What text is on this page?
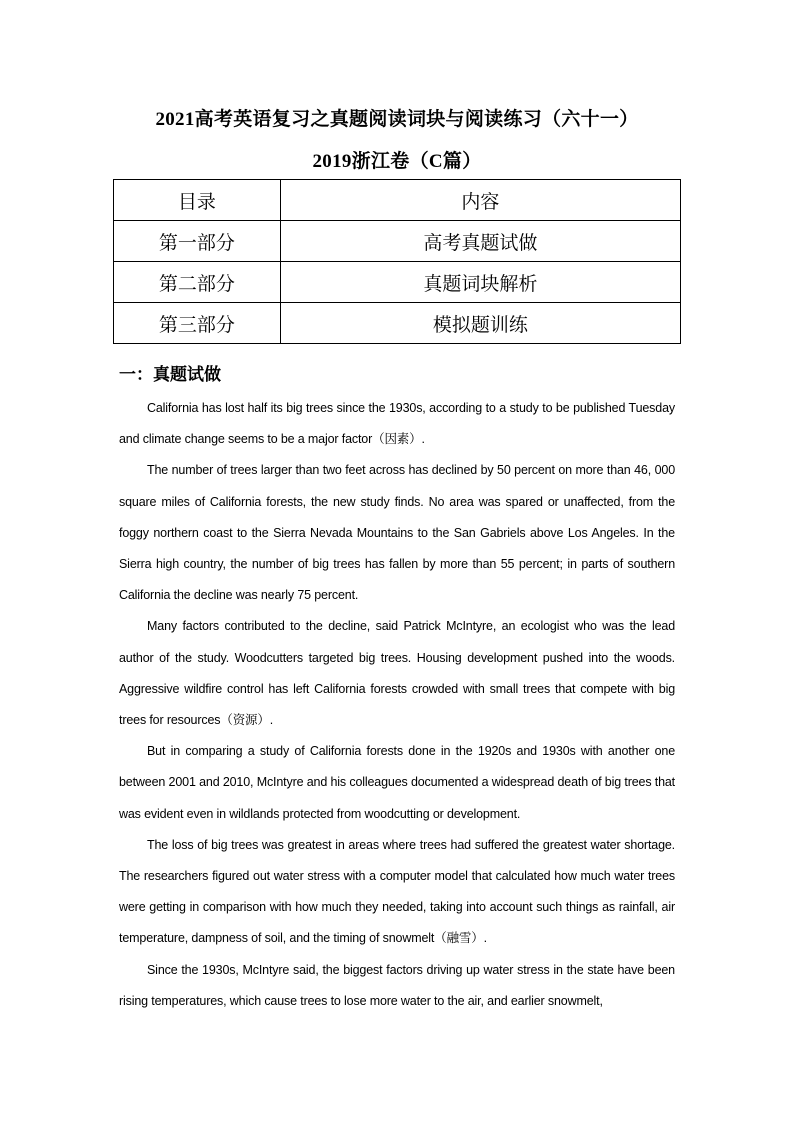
2021高考英语复习之真题阅读词块与阅读练习（六十一）
2019浙江卷（C篇）
目录	内容
第一部分	高考真题试做
第二部分	真题词块解析
第三部分	模拟题训练
一：真题试做

California has lost half its big trees since the 1930s, according to a study to be published Tuesday and climate change seems to be a major factor（因素）.

The number of trees larger than two feet across has declined by 50 percent on more than 46, 000 square miles of California forests, the new study finds. No area was spared or unaffected, from the foggy northern coast to the Sierra Nevada Mountains to the San Gabriels above Los Angeles. In the Sierra high country, the number of big trees has fallen by more than 55 percent; in parts of southern California the decline was nearly 75 percent.

Many factors contributed to the decline, said Patrick McIntyre, an ecologist who was the lead author of the study. Woodcutters targeted big trees. Housing development pushed into the woods. Aggressive wildfire control has left California forests crowded with small trees that compete with big trees for resources（资源）.

But in comparing a study of California forests done in the 1920s and 1930s with another one between 2001 and 2010, McIntyre and his colleagues documented a widespread death of big trees that was evident even in wildlands protected from woodcutting or development.

The loss of big trees was greatest in areas where trees had suffered the greatest water shortage. The researchers figured out water stress with a computer model that calculated how much water trees were getting in comparison with how much they needed, taking into account such things as rainfall, air temperature, dampness of soil, and the timing of snowmelt（融雪）.

Since the 1930s, McIntyre said, the biggest factors driving up water stress in the state have been rising temperatures, which cause trees to lose more water to the air, and earlier snowmelt,
